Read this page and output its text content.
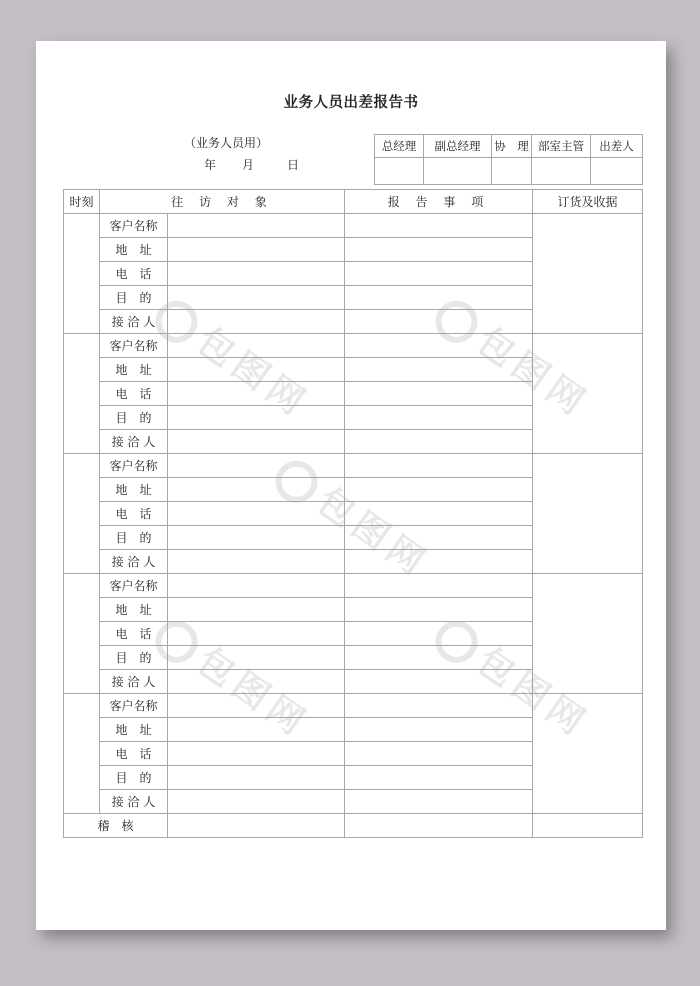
业务人员出差报告书
（业务人员用）
年 月	日
总经理	副总经理	协　理	部室主管	出差人

时刻	往 访 对 象		报 告 事 项	订货及收据
	客户名称			
	地　址			
	电　话			
	目　的			
	接 洽 人			
	客户名称			
	地　址			
	电　话			
	目　的			
	接 洽 人			
	客户名称			
	地　址			
	电　话			
	目　的			
	接 洽 人			
	客户名称			
	地　址			
	电　话			
	目　的			
	接 洽 人			
	客户名称			
	地　址			
	电　话			
	目　的			
	接 洽 人			
稽　核				
包图网	包图网
包图网
包图网	包图网
